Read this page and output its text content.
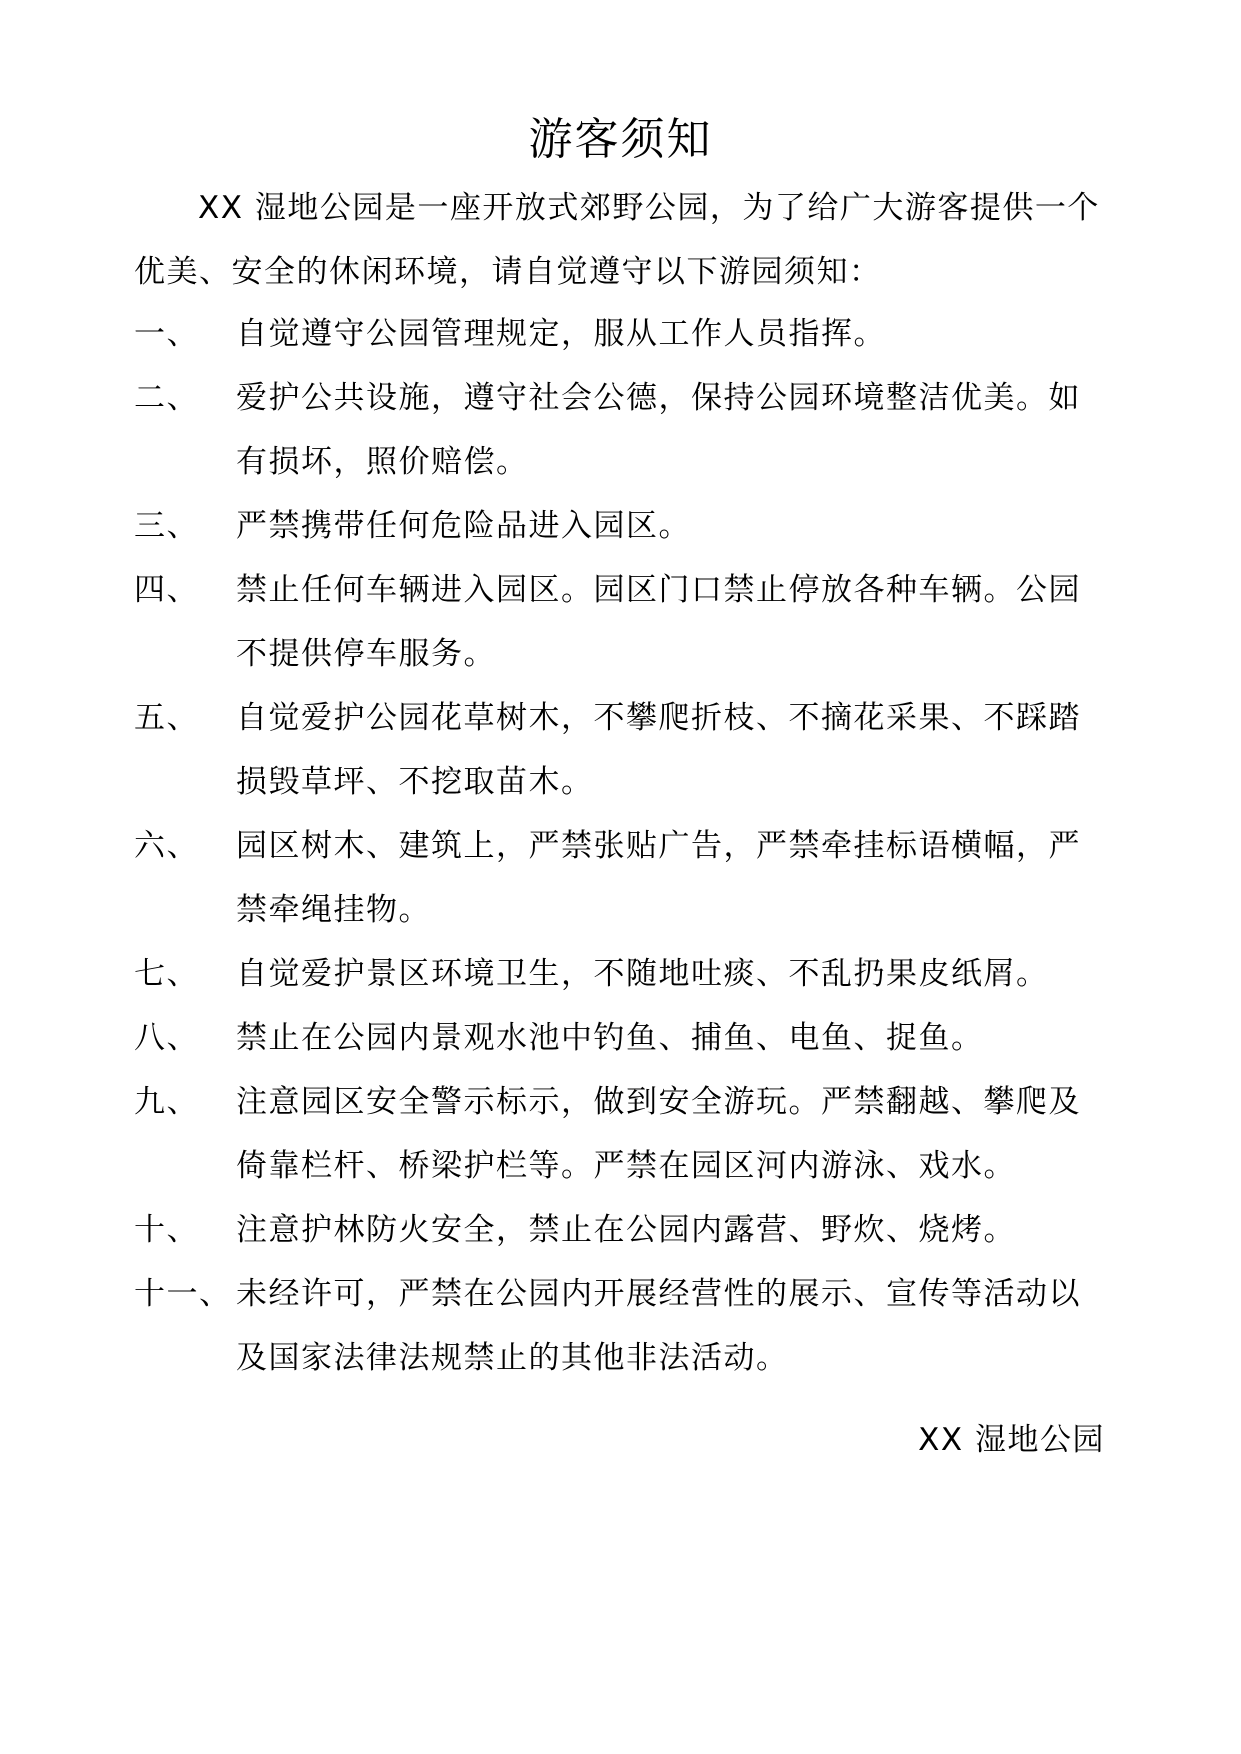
游客须知

XX 湿地公园是一座开放式郊野公园，为了给广大游客提供一个优美、安全的休闲环境，请自觉遵守以下游园须知：

一、 自觉遵守公园管理规定，服从工作人员指挥。
二、 爱护公共设施，遵守社会公德，保持公园环境整洁优美。如有损坏，照价赔偿。
三、 严禁携带任何危险品进入园区。
四、 禁止任何车辆进入园区。园区门口禁止停放各种车辆。公园不提供停车服务。
五、 自觉爱护公园花草树木，不攀爬折枝、不摘花采果、不踩踏损毁草坪、不挖取苗木。
六、 园区树木、建筑上，严禁张贴广告，严禁牵挂标语横幅，严禁牵绳挂物。
七、 自觉爱护景区环境卫生，不随地吐痰、不乱扔果皮纸屑。
八、 禁止在公园内景观水池中钓鱼、捕鱼、电鱼、捉鱼。
九、 注意园区安全警示标示，做到安全游玩。严禁翻越、攀爬及倚靠栏杆、桥梁护栏等。严禁在园区河内游泳、戏水。
十、 注意护林防火安全，禁止在公园内露营、野炊、烧烤。
十一、 未经许可，严禁在公园内开展经营性的展示、宣传等活动以及国家法律法规禁止的其他非法活动。
XX 湿地公园
